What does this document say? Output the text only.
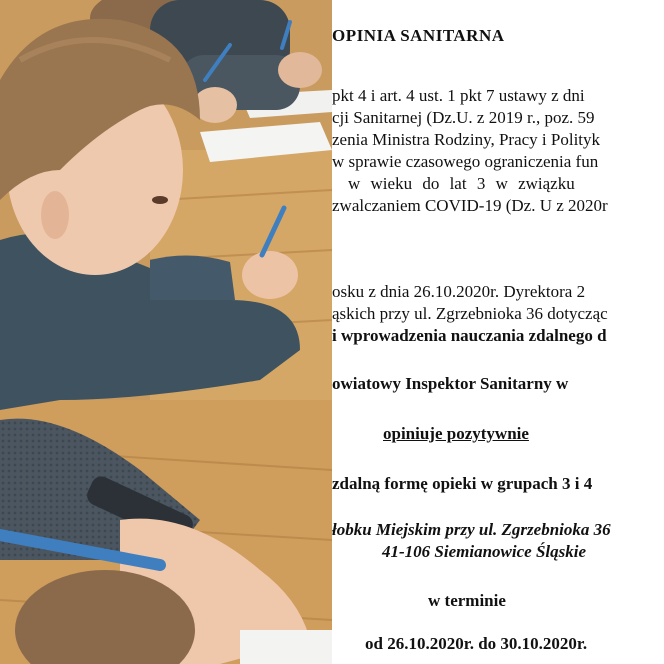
OPINIA SANITARNA
pkt 4 i art. 4 ust. 1 pkt 7 ustawy z dni
cji Sanitarnej (Dz.U. z 2019 r., poz. 59
zenia Ministra Rodziny, Pracy i Polityk
w sprawie czasowego ograniczenia fun
w wieku do lat 3 w związku
zwalczaniem COVID-19 (Dz. U z 2020r
osku z dnia 26.10.2020r. Dyrektora 2
ąskich przy ul. Zgrzebnioka 36 dotycząc
i wprowadzenia nauczania zdalnego d
owiatowy Inspektor Sanitarny w
opiniuje pozytywnie
zdalną formę opieki w grupach 3 i 4
łobku Miejskim przy ul. Zgrzebnioka 36
41-106 Siemianowice Śląskie
w terminie
od 26.10.2020r. do 30.10.2020r.
